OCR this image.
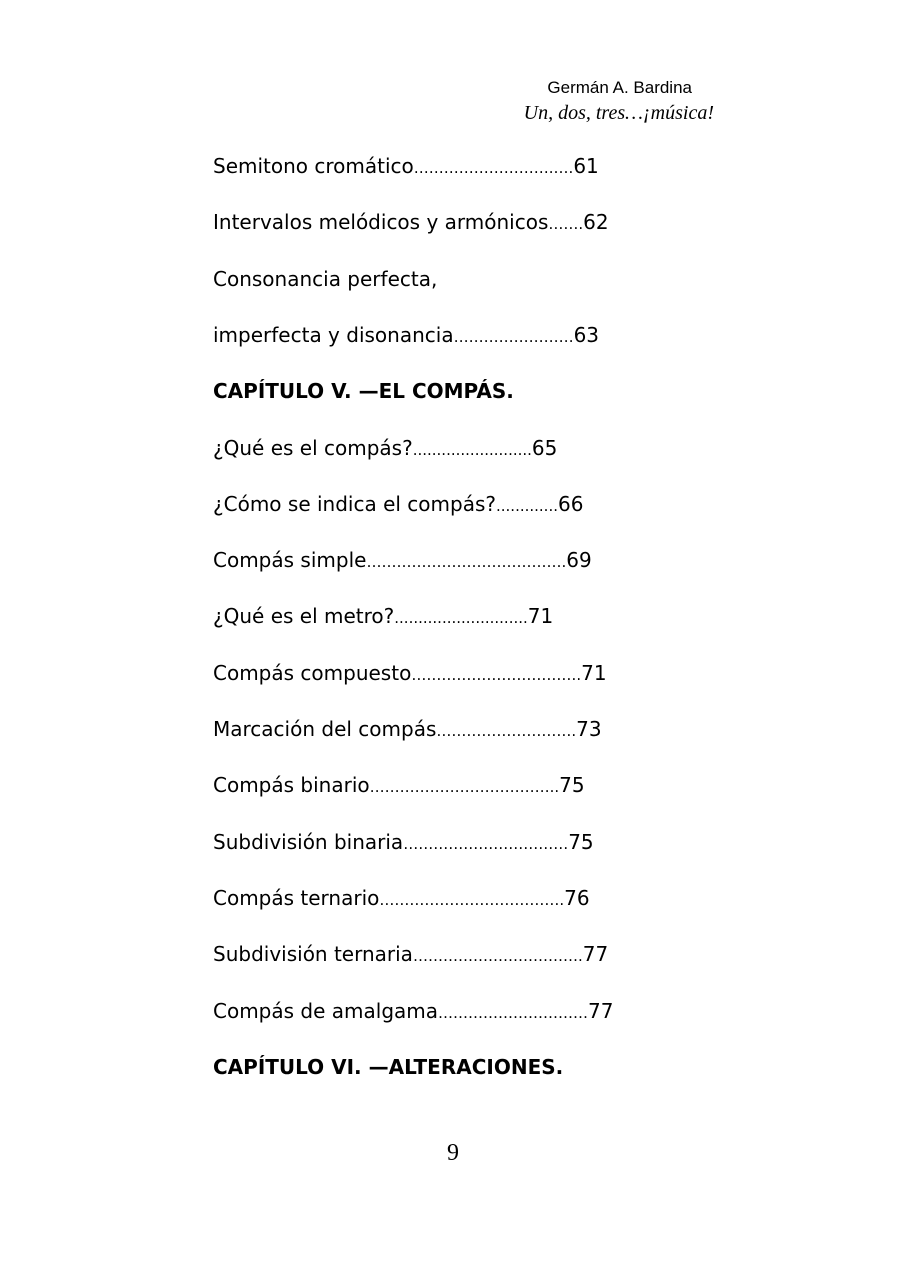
Germán A. Bardina
Un, dos, tres…¡música!
Semitono cromático……………………….….61
Intervalos melódicos y armónicos…….62
Consonancia perfecta,
imperfecta y disonancia……………………63
CAPÍTULO V. —EL COMPÁS.
¿Qué es el compás?.........................65
¿Cómo se indica el compás?.............66
Compás simple………………………………….69
¿Qué es el metro?............................71
Compás compuesto…………………………….71
Marcación del compás……………………….73
Compás binario………………………………..75
Subdivisión binaria……………………………75
Compás ternario……………………………….76
Subdivisión ternaria…………………………….77
Compás de amalgama…………………………77
CAPÍTULO VI. —ALTERACIONES.
9
